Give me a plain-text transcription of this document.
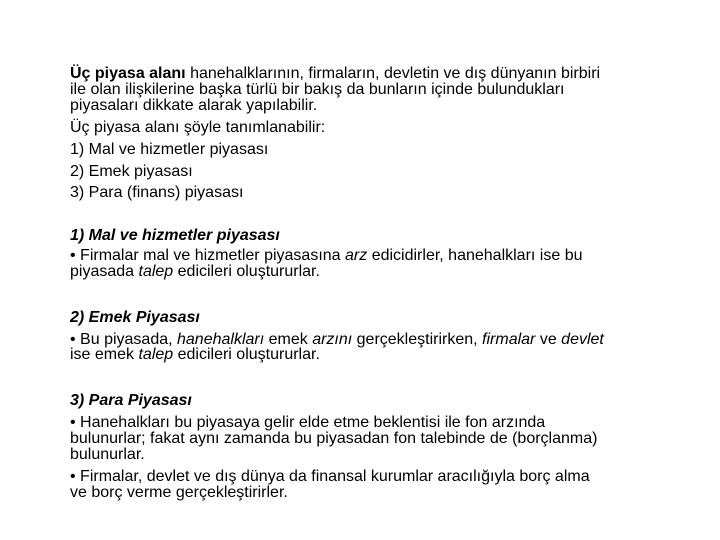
Üç piyasa alanı hanehalklarının, firmaların, devletin ve dış dünyanın birbiri
ile olan ilişkilerine başka türlü bir bakış da bunların içinde bulundukları
piyasaları dikkate alarak yapılabilir.
Üç piyasa alanı şöyle tanımlanabilir:
1) Mal ve hizmetler piyasası
2) Emek piyasası
3) Para (finans) piyasası
1) Mal ve hizmetler piyasası
• Firmalar mal ve hizmetler piyasasına arz edicidirler, hanehalkları ise bu
piyasada talep edicileri oluştururlar.
2) Emek Piyasası
• Bu piyasada, hanehalkları emek arzını gerçekleştirirken, firmalar ve devlet
ise emek talep edicileri oluştururlar.
3) Para Piyasası
• Hanehalkları bu piyasaya gelir elde etme beklentisi ile fon arzında
bulunurlar; fakat aynı zamanda bu piyasadan fon talebinde de (borçlanma)
bulunurlar.
• Firmalar, devlet ve dış dünya da finansal kurumlar aracılığıyla borç alma
ve borç verme gerçekleştirirler.
